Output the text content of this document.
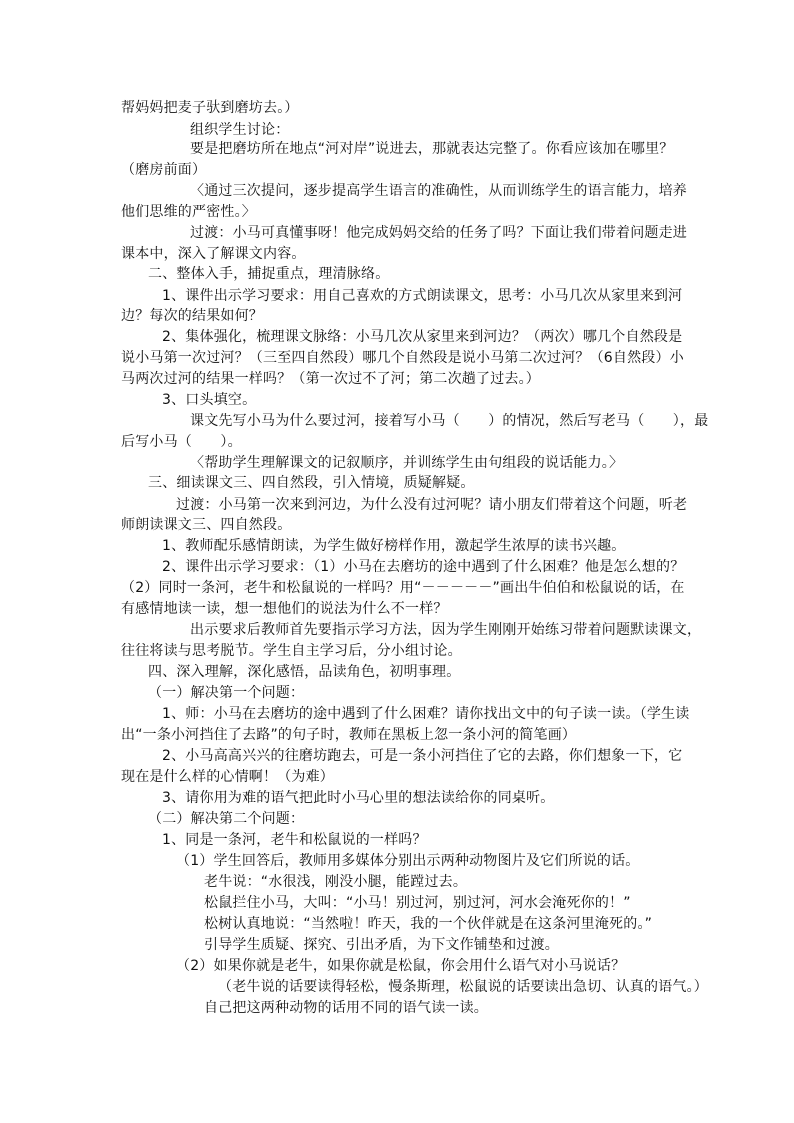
帮妈妈把麦子驮到磨坊去。）
组织学生讨论：
要是把磨坊所在地点“河对岸”说进去，那就表达完整了。你看应该加在哪里？
（磨房前面）
〈通过三次提问，逐步提高学生语言的准确性，从而训练学生的语言能力，培养
他们思维的严密性。〉
过渡：小马可真懂事呀！他完成妈妈交给的任务了吗？下面让我们带着问题走进
课本中，深入了解课文内容。
二、整体入手，捕捉重点，理清脉络。
1、课件出示学习要求：用自己喜欢的方式朗读课文，思考：小马几次从家里来到河
边？每次的结果如何？
2、集体强化，梳理课文脉络：小马几次从家里来到河边？（两次）哪几个自然段是
说小马第一次过河？（三至四自然段）哪几个自然段是说小马第二次过河？（6自然段）小
马两次过河的结果一样吗？（第一次过不了河；第二次趟了过去。）
3、口头填空。
课文先写小马为什么要过河，接着写小马（　　）的情况，然后写老马（　　），最
后写小马（　　）。
〈帮助学生理解课文的记叙顺序，并训练学生由句组段的说话能力。〉
三、细读课文三、四自然段，引入情境，质疑解疑。
过渡：小马第一次来到河边，为什么没有过河呢？请小朋友们带着这个问题，听老
师朗读课文三、四自然段。
1、教师配乐感情朗读，为学生做好榜样作用，激起学生浓厚的读书兴趣。
2、课件出示学习要求：（1）小马在去磨坊的途中遇到了什么困难？他是怎么想的？
（2）同时一条河，老牛和松鼠说的一样吗？用“－－－－－”画出牛伯伯和松鼠说的话，在
有感情地读一读，想一想他们的说法为什么不一样？
出示要求后教师首先要指示学习方法，因为学生刚刚开始练习带着问题默读课文，
往往将读与思考脱节。学生自主学习后，分小组讨论。
四、深入理解，深化感悟，品读角色，初明事理。
（一）解决第一个问题：
1、师：小马在去磨坊的途中遇到了什么困难？请你找出文中的句子读一读。（学生读
出“一条小河挡住了去路”的句子时，教师在黑板上忽一条小河的简笔画）
2、小马高高兴兴的往磨坊跑去，可是一条小河挡住了它的去路，你们想象一下，它
现在是什么样的心情啊！（为难）
3、请你用为难的语气把此时小马心里的想法读给你的同桌听。
（二）解决第二个问题：
1、同是一条河，老牛和松鼠说的一样吗？
（1）学生回答后，教师用多媒体分别出示两种动物图片及它们所说的话。
老牛说：“水很浅，刚没小腿，能蹚过去。
松鼠拦住小马，大叫：“小马！别过河，别过河，河水会淹死你的！”
松树认真地说：“当然啦！昨天，我的一个伙伴就是在这条河里淹死的。”
引导学生质疑、探究、引出矛盾，为下文作铺垫和过渡。
（2）如果你就是老牛，如果你就是松鼠，你会用什么语气对小马说话？
（老牛说的话要读得轻松，慢条斯理，松鼠说的话要读出急切、认真的语气。）
自己把这两种动物的话用不同的语气读一读。
